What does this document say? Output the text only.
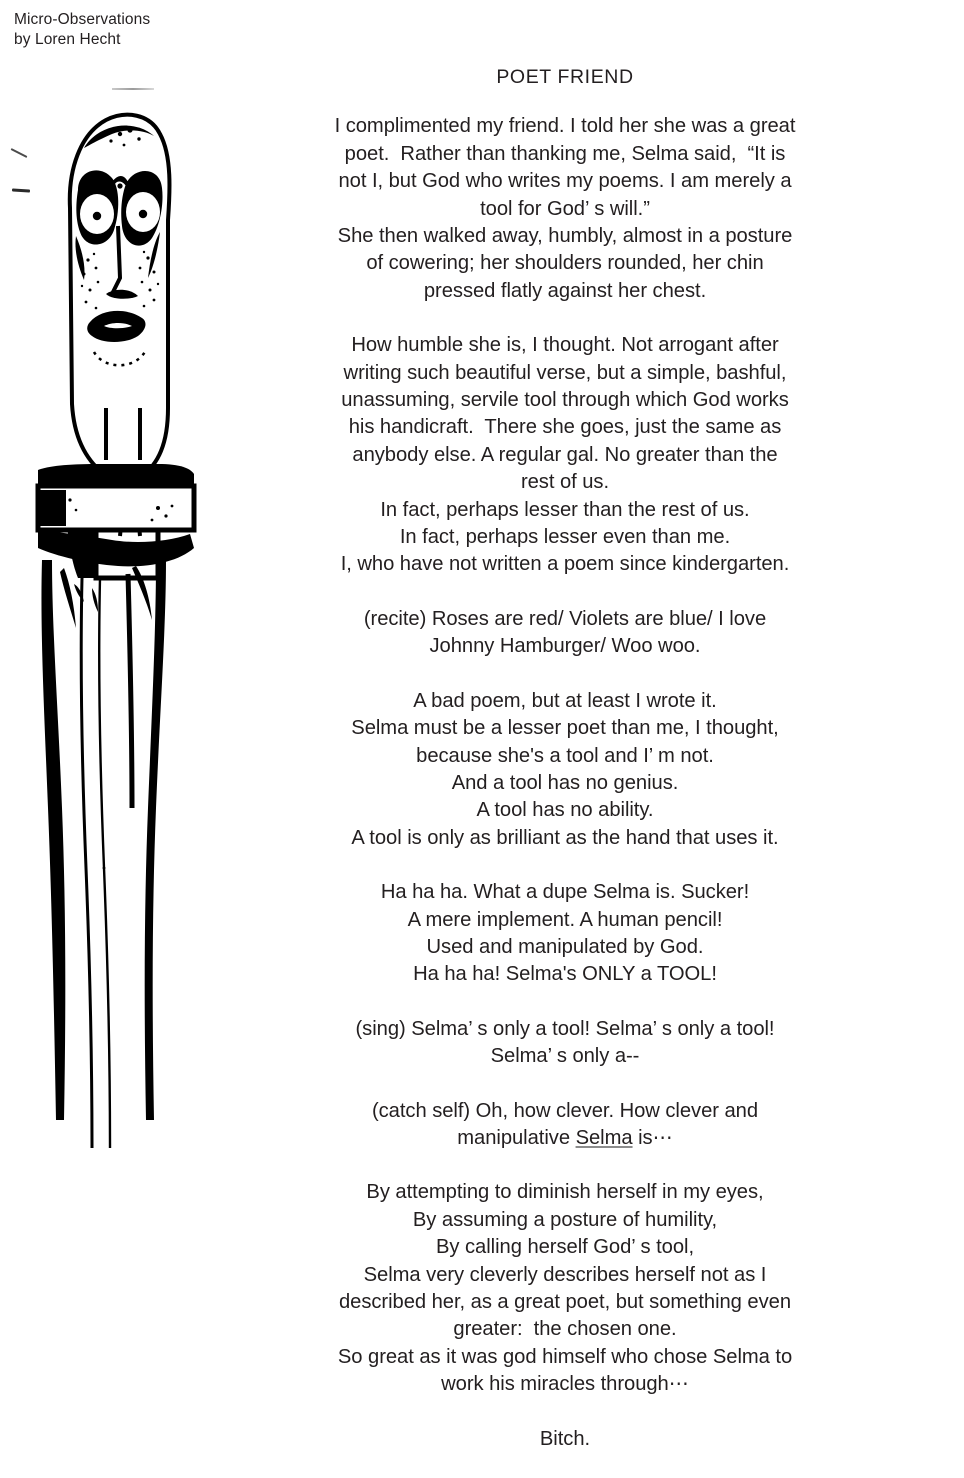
Micro-Observations
by Loren Hecht
POET FRIEND
I complimented my friend. I told her she was a great
poet.  Rather than thanking me, Selma said,  “It is
not I, but God who writes my poems. I am merely a
tool for God’ s will.”
She then walked away, humbly, almost in a posture
of cowering; her shoulders rounded, her chin
pressed flatly against her chest.
How humble she is, I thought. Not arrogant after
writing such beautiful verse, but a simple, bashful,
unassuming, servile tool through which God works
his handicraft.  There she goes, just the same as
anybody else. A regular gal. No greater than the
rest of us.
In fact, perhaps lesser than the rest of us.
In fact, perhaps lesser even than me.
I, who have not written a poem since kindergarten.
(recite) Roses are red/ Violets are blue/ I love
Johnny Hamburger/ Woo woo.
A bad poem, but at least I wrote it.
Selma must be a lesser poet than me, I thought,
because she's a tool and I’ m not.
And a tool has no genius.
A tool has no ability.
A tool is only as brilliant as the hand that uses it.
Ha ha ha. What a dupe Selma is. Sucker!
A mere implement. A human pencil!
Used and manipulated by God.
Ha ha ha! Selma's ONLY a TOOL!
(sing) Selma’ s only a tool! Selma’ s only a tool!
Selma’ s only a--
(catch self) Oh, how clever. How clever and
manipulative Selma is⋯
By attempting to diminish herself in my eyes,
By assuming a posture of humility,
By calling herself God’ s tool,
Selma very cleverly describes herself not as I
described her, as a great poet, but something even
greater:  the chosen one.
So great as it was god himself who chose Selma to
work his miracles through⋯
Bitch.
